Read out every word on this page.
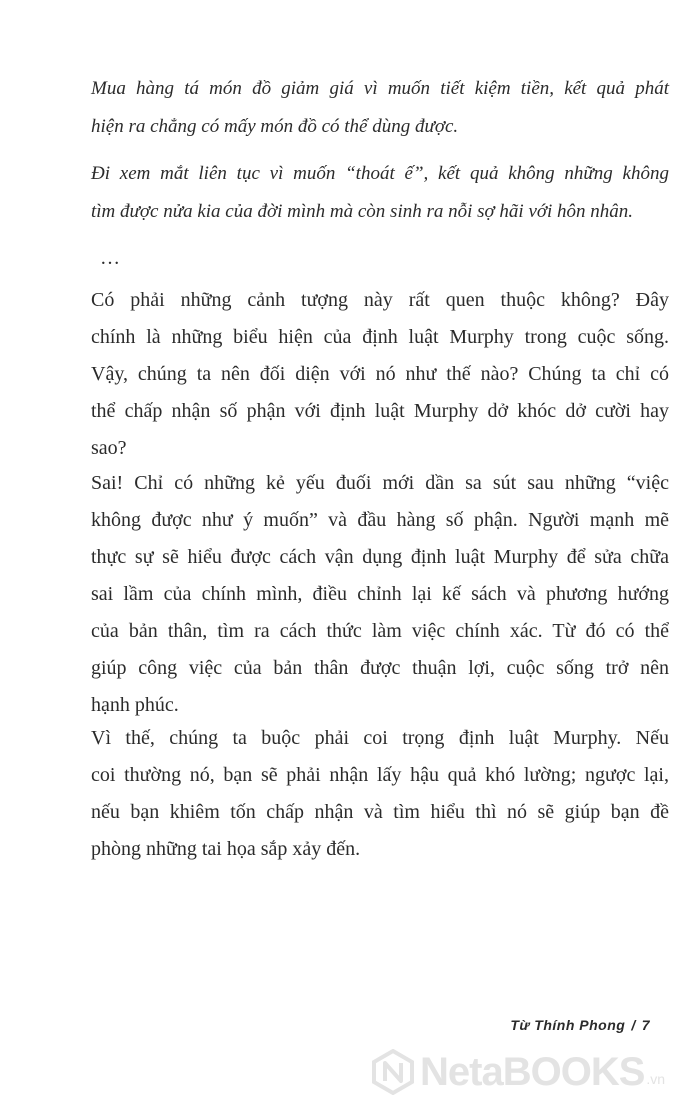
Mua hàng tá món đồ giảm giá vì muốn tiết kiệm tiền, kết quả phát
hiện ra chẳng có mấy món đồ có thể dùng được.
Đi xem mắt liên tục vì muốn “thoát ế”, kết quả không những không
tìm được nửa kia của đời mình mà còn sinh ra nỗi sợ hãi với hôn nhân.
…
Có phải những cảnh tượng này rất quen thuộc không? Đây
chính là những biểu hiện của định luật Murphy trong cuộc sống.
Vậy, chúng ta nên đối diện với nó như thế nào? Chúng ta chỉ có
thể chấp nhận số phận với định luật Murphy dở khóc dở cười hay
sao?
Sai! Chỉ có những kẻ yếu đuối mới dần sa sút sau những “việc
không được như ý muốn” và đầu hàng số phận. Người mạnh mẽ
thực sự sẽ hiểu được cách vận dụng định luật Murphy để sửa chữa
sai lầm của chính mình, điều chỉnh lại kế sách và phương hướng
của bản thân, tìm ra cách thức làm việc chính xác. Từ đó có thể
giúp công việc của bản thân được thuận lợi, cuộc sống trở nên
hạnh phúc.
Vì thế, chúng ta buộc phải coi trọng định luật Murphy. Nếu
coi thường nó, bạn sẽ phải nhận lấy hậu quả khó lường; ngược lại,
nếu bạn khiêm tốn chấp nhận và tìm hiểu thì nó sẽ giúp bạn đề
phòng những tai họa sắp xảy đến.
Từ Thính Phong / 7
NetaBOOKS .vn
